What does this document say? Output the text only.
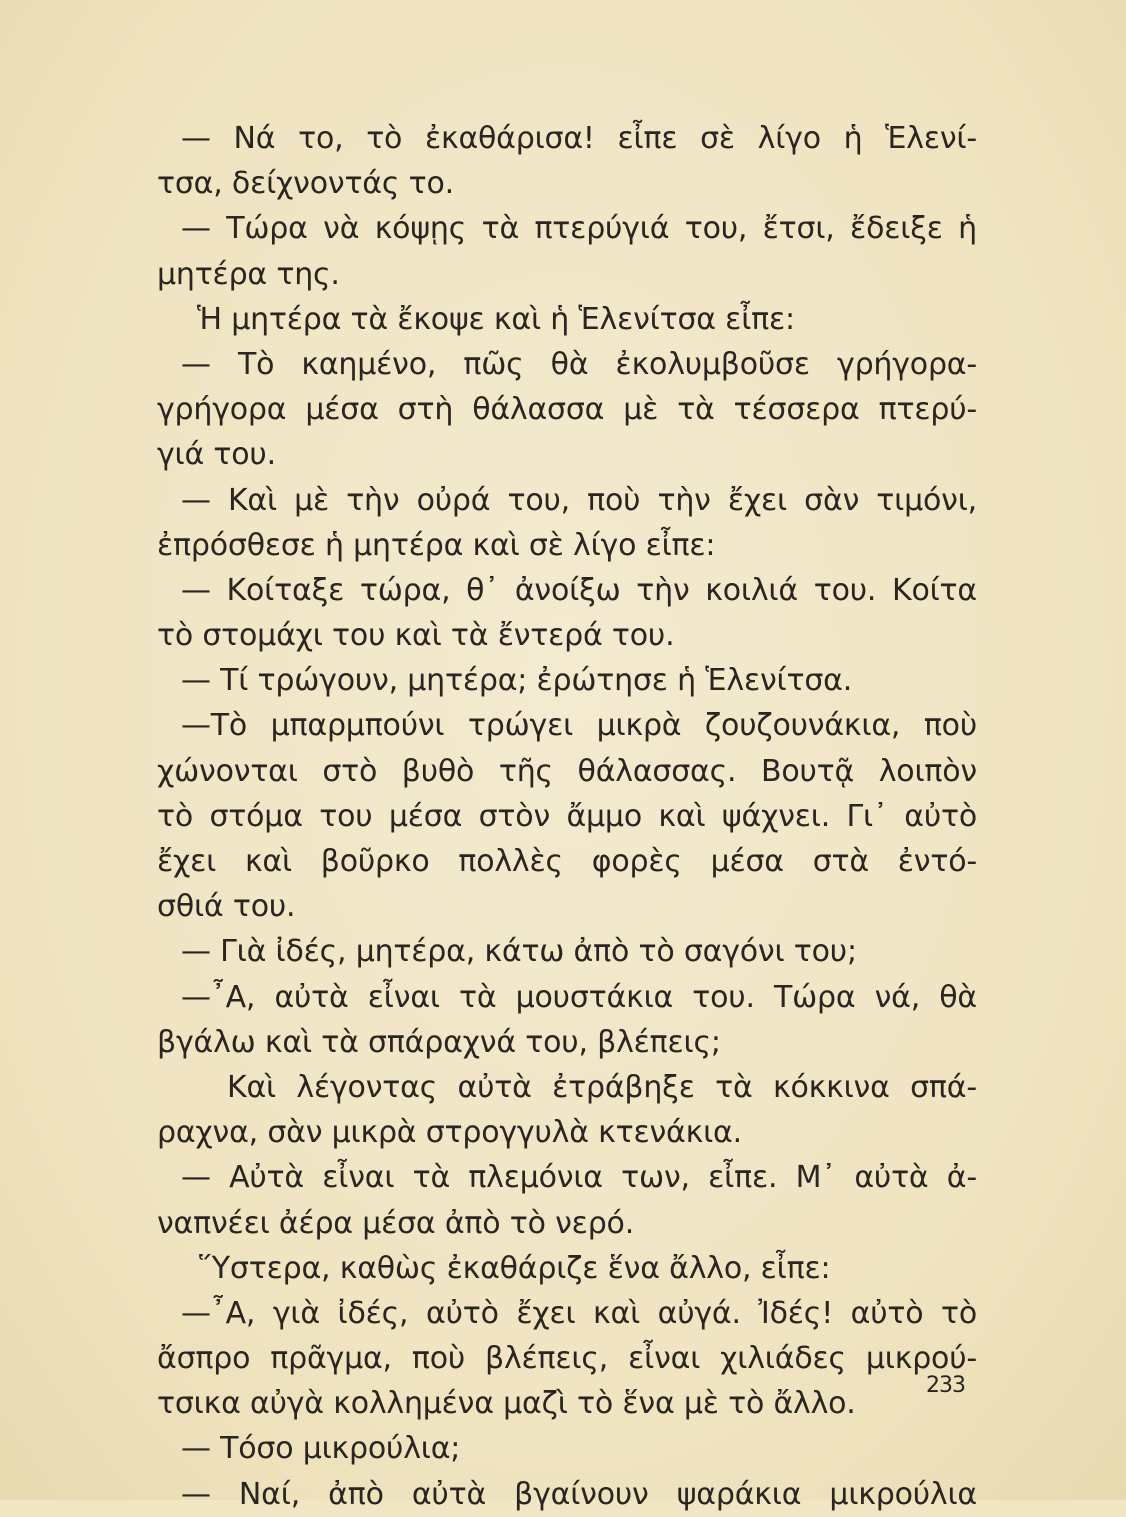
— Νά το, τὸ ἐκαθάρισα! εἶπε σὲ λίγο ἡ Ἑλενί-
τσα, δείχνοντάς το.
— Τώρα νὰ κόψῃς τὰ πτερύγιά του, ἔτσι, ἔδειξε ἡ
μητέρα της.
Ἡ μητέρα τὰ ἔκοψε καὶ ἡ Ἑλενίτσα εἶπε:
— Τὸ καημένο, πῶς θὰ ἐκολυμβοῦσε γρήγορα-
γρήγορα μέσα στὴ θάλασσα μὲ τὰ τέσσερα πτερύ-
γιά του.
— Καὶ μὲ τὴν οὐρά του, ποὺ τὴν ἔχει σὰν τιμόνι,
ἐπρόσθεσε ἡ μητέρα καὶ σὲ λίγο εἶπε:
— Κοίταξε τώρα, θ᾽ ἀνοίξω τὴν κοιλιά του. Κοίτα
τὸ στομάχι του καὶ τὰ ἔντερά του.
— Τί τρώγουν, μητέρα; ἐρώτησε ἡ Ἑλενίτσα.
—Τὸ μπαρμπούνι τρώγει μικρὰ ζουζουνάκια, ποὺ
χώνονται στὸ βυθὸ τῆς θάλασσας. Βουτᾷ λοιπὸν
τὸ στόμα του μέσα στὸν ἄμμο καὶ ψάχνει. Γι᾽ αὐτὸ
ἔχει καὶ βοῦρκο πολλὲς φορὲς μέσα στὰ ἐντό-
σθιά του.
— Γιὰ ἰδές, μητέρα, κάτω ἀπὸ τὸ σαγόνι του;
—῏Α, αὐτὰ εἶναι τὰ μουστάκια του. Τώρα νά, θὰ
βγάλω καὶ τὰ σπάραχνά του, βλέπεις;
Καὶ λέγοντας αὐτὰ ἐτράβηξε τὰ κόκκινα σπά-
ραχνα, σὰν μικρὰ στρογγυλὰ κτενάκια.
— Αὐτὰ εἶναι τὰ πλεμόνια των, εἶπε. Μ᾽ αὐτὰ ἀ-
ναπνέει ἀέρα μέσα ἀπὸ τὸ νερό.
῞Υστερα, καθὼς ἐκαθάριζε ἕνα ἄλλο, εἶπε:
—῏Α, γιὰ ἰδές, αὐτὸ ἔχει καὶ αὐγά. Ἰδές! αὐτὸ τὸ
ἄσπρο πρᾶγμα, ποὺ βλέπεις, εἶναι χιλιάδες μικρού-
τσικα αὐγὰ κολλημένα μαζὶ τὸ ἕνα μὲ τὸ ἄλλο.
— Τόσο μικρούλια;
— Ναί, ἀπὸ αὐτὰ βγαίνουν ψαράκια μικρούλια
233
